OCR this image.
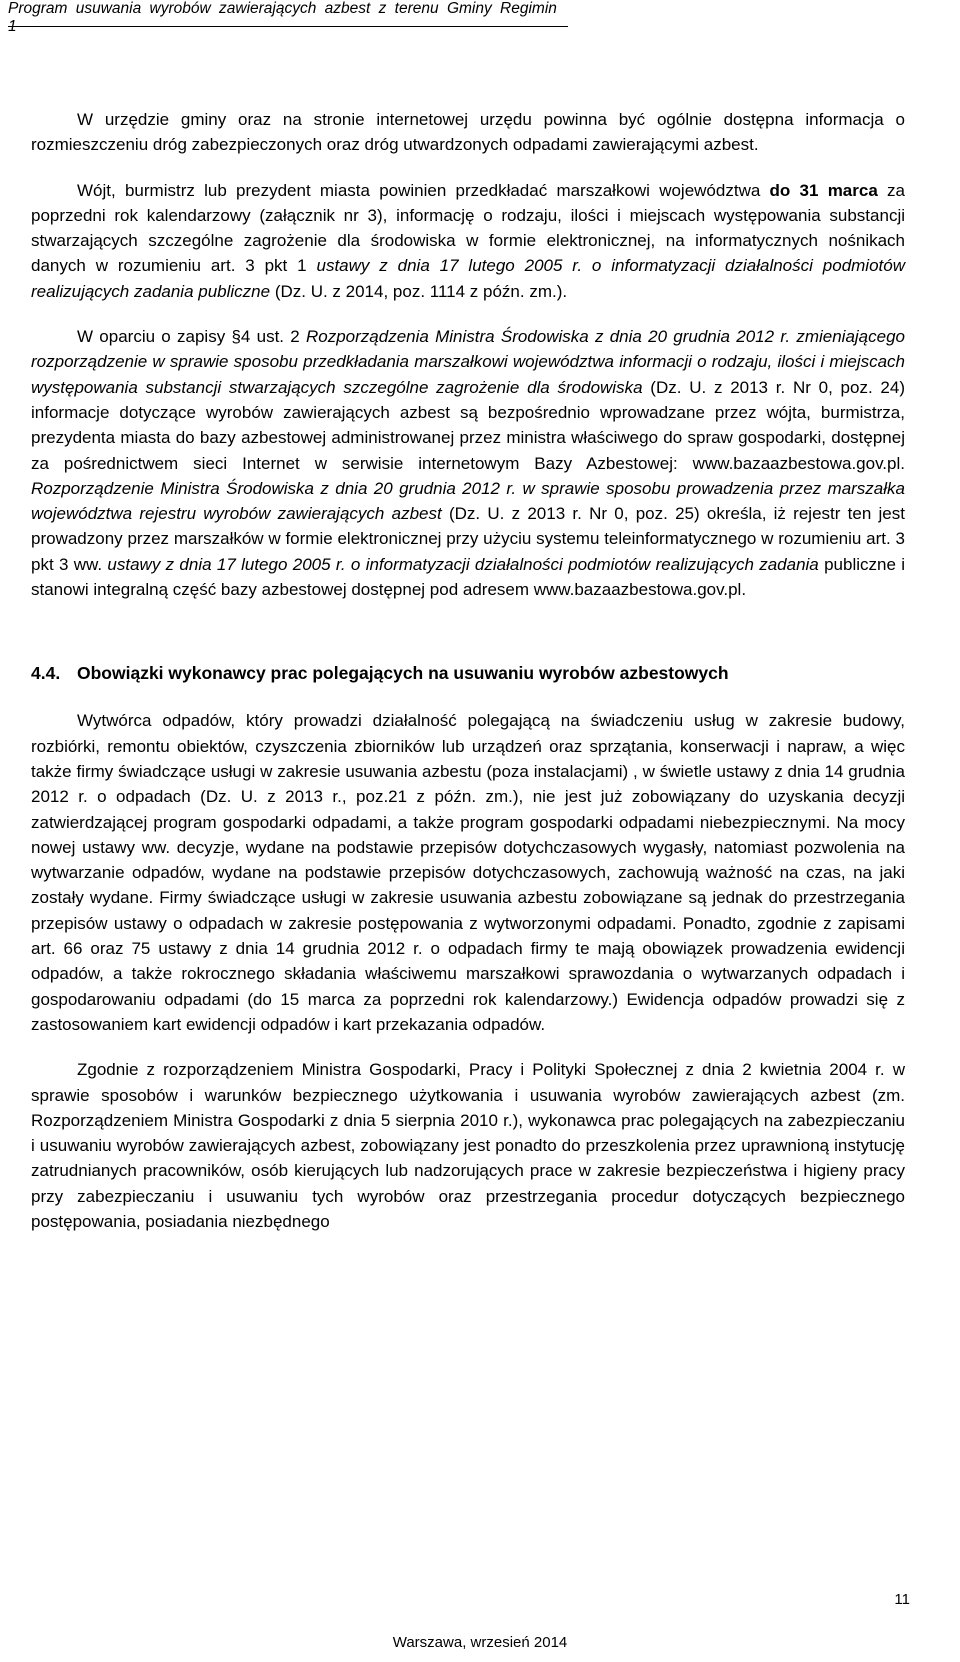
Program usuwania wyrobów zawierających azbest z terenu Gminy Regimin 1

W urzędzie gminy oraz na stronie internetowej urzędu powinna być ogólnie dostępna informacja o rozmieszczeniu dróg zabezpieczonych oraz dróg utwardzonych odpadami zawierającymi azbest.

Wójt, burmistrz lub prezydent miasta powinien przedkładać marszałkowi województwa do 31 marca za poprzedni rok kalendarzowy (załącznik nr 3), informację o rodzaju, ilości i miejscach występowania substancji stwarzających szczególne zagrożenie dla środowiska w formie elektronicznej, na informatycznych nośnikach danych w rozumieniu art. 3 pkt 1 ustawy z dnia 17 lutego 2005 r. o informatyzacji działalności podmiotów realizujących zadania publiczne (Dz. U. z 2014, poz. 1114 z późn. zm.).

W oparciu o zapisy §4 ust. 2 Rozporządzenia Ministra Środowiska z dnia 20 grudnia 2012 r. zmieniającego rozporządzenie w sprawie sposobu przedkładania marszałkowi województwa informacji o rodzaju, ilości i miejscach występowania substancji stwarzających szczególne zagrożenie dla środowiska (Dz. U. z 2013 r. Nr 0, poz. 24) informacje dotyczące wyrobów zawierających azbest są bezpośrednio wprowadzane przez wójta, burmistrza, prezydenta miasta do bazy azbestowej administrowanej przez ministra właściwego do spraw gospodarki, dostępnej za pośrednictwem sieci Internet w serwisie internetowym Bazy Azbestowej: www.bazaazbestowa.gov.pl. Rozporządzenie Ministra Środowiska z dnia 20 grudnia 2012 r. w sprawie sposobu prowadzenia przez marszałka województwa rejestru wyrobów zawierających azbest (Dz. U. z 2013 r. Nr 0, poz. 25) określa, iż rejestr ten jest prowadzony przez marszałków w formie elektronicznej przy użyciu systemu teleinformatycznego w rozumieniu art. 3 pkt 3 ww. ustawy z dnia 17 lutego 2005 r. o informatyzacji działalności podmiotów realizujących zadania publiczne i stanowi integralną część bazy azbestowej dostępnej pod adresem www.bazaazbestowa.gov.pl.

4.4. Obowiązki wykonawcy prac polegających na usuwaniu wyrobów azbestowych

Wytwórca odpadów, który prowadzi działalność polegającą na świadczeniu usług w zakresie budowy, rozbiórki, remontu obiektów, czyszczenia zbiorników lub urządzeń oraz sprzątania, konserwacji i napraw, a więc także firmy świadczące usługi w zakresie usuwania azbestu (poza instalacjami) , w świetle ustawy z dnia 14 grudnia 2012 r. o odpadach (Dz. U. z 2013 r., poz.21 z późn. zm.), nie jest już zobowiązany do uzyskania decyzji zatwierdzającej program gospodarki odpadami, a także program gospodarki odpadami niebezpiecznymi. Na mocy nowej ustawy ww. decyzje, wydane na podstawie przepisów dotychczasowych wygasły, natomiast pozwolenia na wytwarzanie odpadów, wydane na podstawie przepisów dotychczasowych, zachowują ważność na czas, na jaki zostały wydane. Firmy świadczące usługi w zakresie usuwania azbestu zobowiązane są jednak do przestrzegania przepisów ustawy o odpadach w zakresie postępowania z wytworzonymi odpadami. Ponadto, zgodnie z zapisami art. 66 oraz 75 ustawy z dnia 14 grudnia 2012 r. o odpadach firmy te mają obowiązek prowadzenia ewidencji odpadów, a także rokrocznego składania właściwemu marszałkowi sprawozdania o wytwarzanych odpadach i gospodarowaniu odpadami (do 15 marca za poprzedni rok kalendarzowy.) Ewidencja odpadów prowadzi się z zastosowaniem kart ewidencji odpadów i kart przekazania odpadów.

Zgodnie z rozporządzeniem Ministra Gospodarki, Pracy i Polityki Społecznej z dnia 2 kwietnia 2004 r. w sprawie sposobów i warunków bezpiecznego użytkowania i usuwania wyrobów zawierających azbest (zm. Rozporządzeniem Ministra Gospodarki z dnia 5 sierpnia 2010 r.), wykonawca prac polegających na zabezpieczaniu i usuwaniu wyrobów zawierających azbest, zobowiązany jest ponadto do przeszkolenia przez uprawnioną instytucję zatrudnianych pracowników, osób kierujących lub nadzorujących prace w zakresie bezpieczeństwa i higieny pracy przy zabezpieczaniu i usuwaniu tych wyrobów oraz przestrzegania procedur dotyczących bezpiecznego postępowania, posiadania niezbędnego

11
Warszawa, wrzesień 2014
